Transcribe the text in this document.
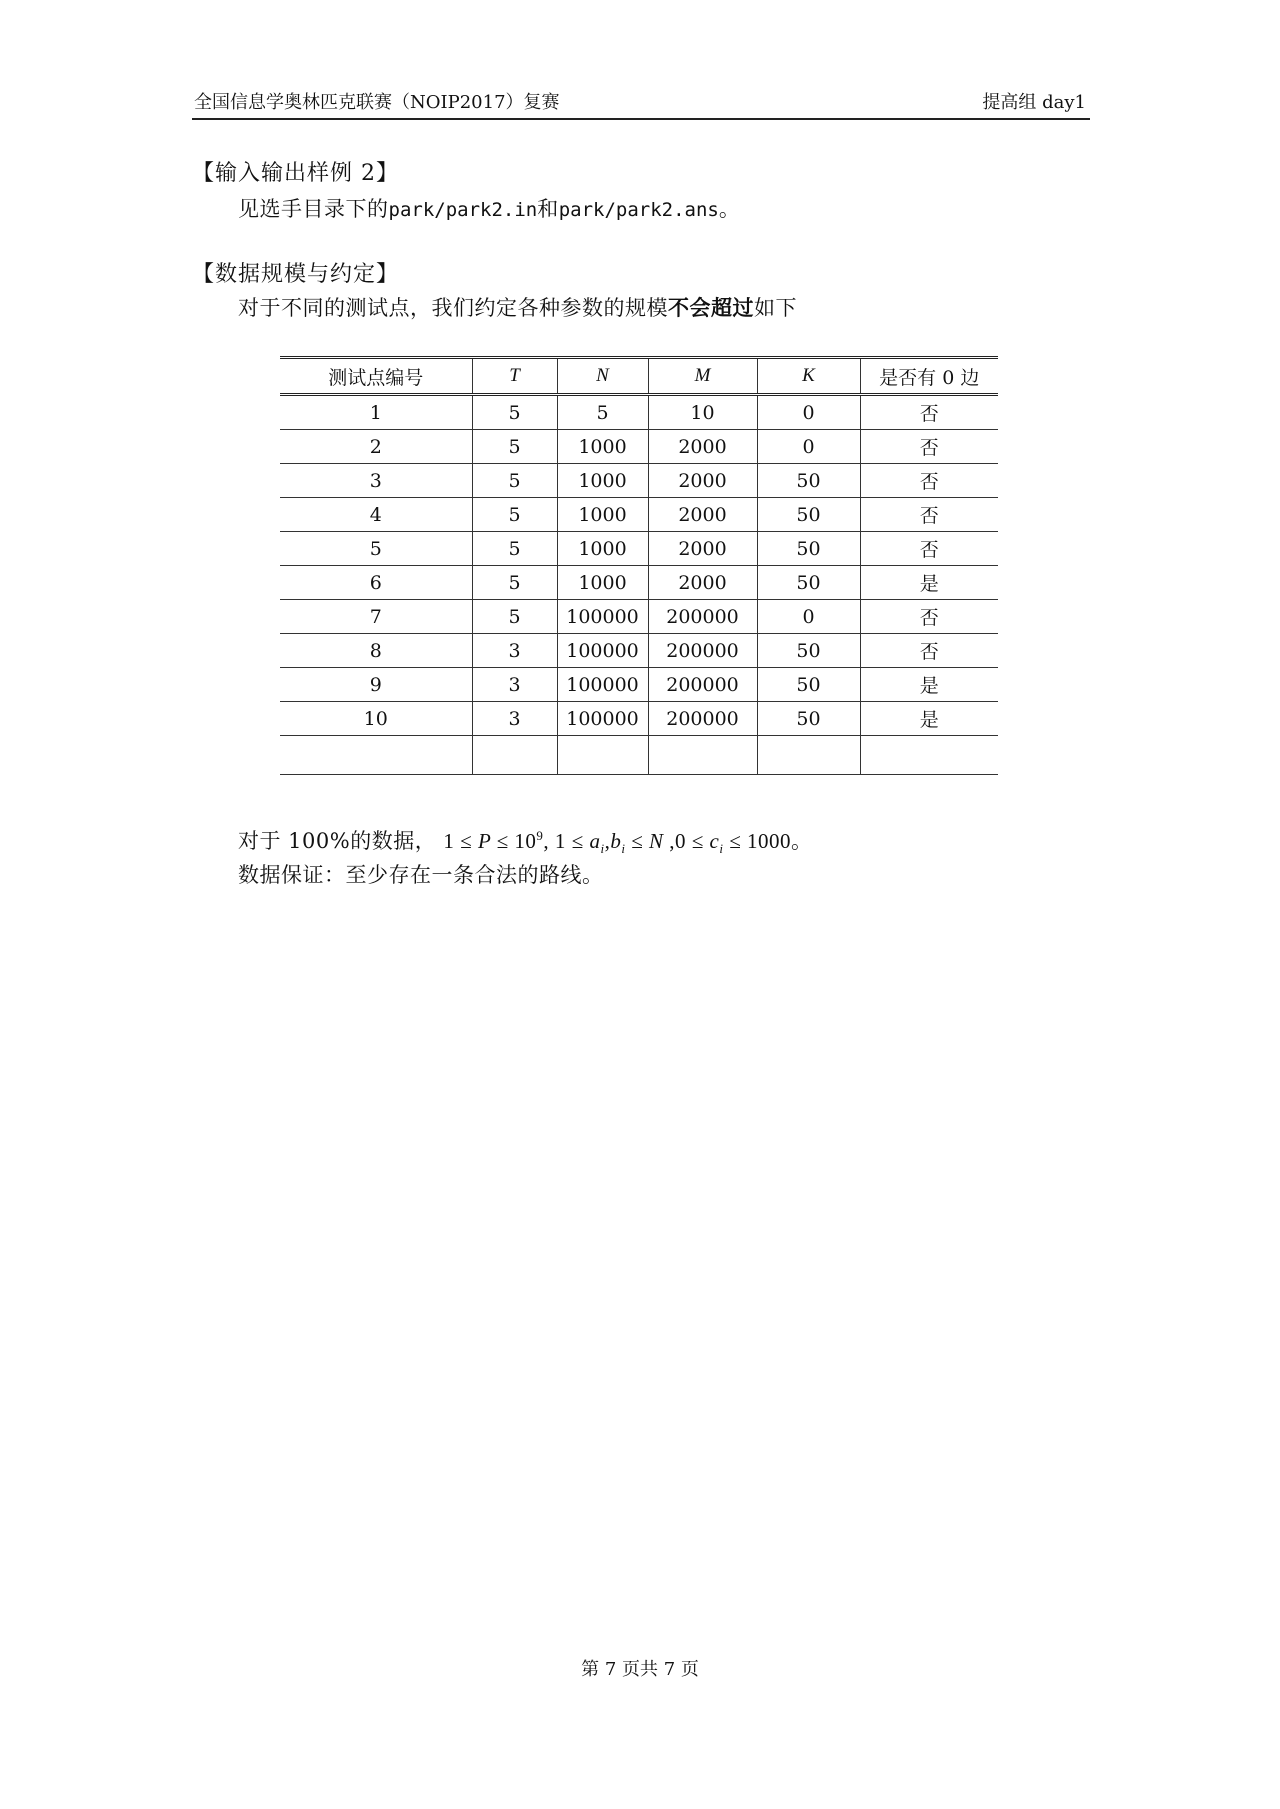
全国信息学奥林匹克联赛（NOIP2017）复赛	提高组 day1
【输入输出样例 2】
见选手目录下的park/park2.in和park/park2.ans。
【数据规模与约定】
对于不同的测试点，我们约定各种参数的规模不会超过如下
测试点编号	T	N	M	K	是否有 0 边
1	5	5	10	0	否
2	5	1000	2000	0	否
3	5	1000	2000	50	否
4	5	1000	2000	50	否
5	5	1000	2000	50	否
6	5	1000	2000	50	是
7	5	100000	200000	0	否
8	3	100000	200000	50	否
9	3	100000	200000	50	是
10	3	100000	200000	50	是

对于 100%的数据， $1 \le P \le 10^9$, $1 \le a_i,b_i \le N$ $,0 \le c_i \le 1000$。
数据保证：至少存在一条合法的路线。
第 7 页共 7 页
